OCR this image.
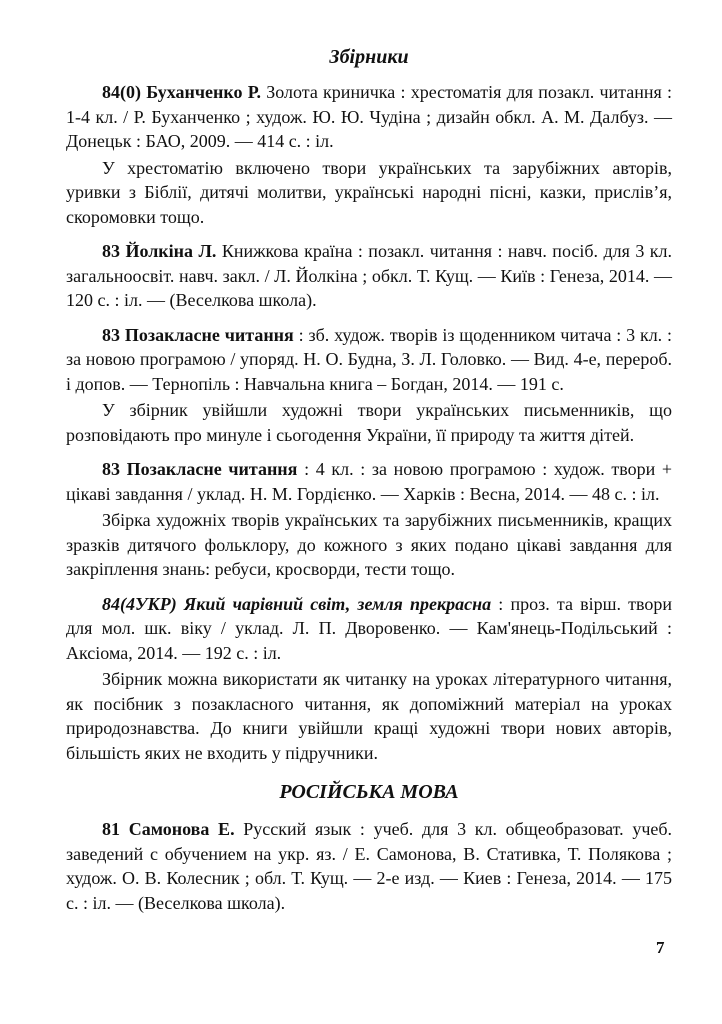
Збірники

84(0) Буханченко Р. Золота криничка : хрестоматія для позакл. читання : 1-4 кл. / Р. Буханченко ; худож. Ю. Ю. Чудіна ; дизайн обкл. А. М. Далбуз. — Донецьк : БАО, 2009. — 414 с. : іл.

У хрестоматію включено твори українських та зарубіжних авторів, уривки з Біблії, дитячі молитви, українські народні пісні, казки, прислів’я, скоромовки тощо.

83 Йолкіна Л. Книжкова країна : позакл. читання : навч. посіб. для 3 кл. загальноосвіт. навч. закл. / Л. Йолкіна ; обкл. Т. Кущ. — Київ : Генеза, 2014. — 120 с. : іл. — (Веселкова школа).

83 Позакласне читання : зб. худож. творів із щоденником читача : 3 кл. : за новою програмою / упоряд. Н. О. Будна, З. Л. Головко. — Вид. 4-е, перероб. і допов. — Тернопіль : Навчальна книга – Богдан, 2014. — 191 с.

У збірник увійшли художні твори українських письменників, що розповідають про минуле і сьогодення України, її природу та життя дітей.

83 Позакласне читання : 4 кл. : за новою програмою : худож. твори + цікаві завдання / уклад. Н. М. Гордієнко. — Харків : Весна, 2014. — 48 с. : іл.

Збірка художніх творів українських та зарубіжних письменників, кращих зразків дитячого фольклору, до кожного з яких подано цікаві завдання для закріплення знань: ребуси, кросворди, тести тощо.

84(4УКР) Який чарівний світ, земля прекрасна : проз. та вірш. твори для мол. шк. віку / уклад. Л. П. Дворовенко. — Кам'янець-Подільський : Аксіома, 2014. — 192 с. : іл.

Збірник можна використати як читанку на уроках літературного читання, як посібник з позакласного читання, як допоміжний матеріал на уроках природознавства. До книги увійшли кращі художні твори нових авторів, більшість яких не входить у підручники.

РОСІЙСЬКА МОВА

81 Самонова Е. Русский язык : учеб. для 3 кл. общеобразоват. учеб. заведений с обучением на укр. яз. / Е. Самонова, В. Стативка, Т. Полякова ; худож. О. В. Колесник ; обл. Т. Кущ. — 2-е изд. — Киев : Генеза, 2014. — 175 с. : іл. — (Веселкова школа).

7
